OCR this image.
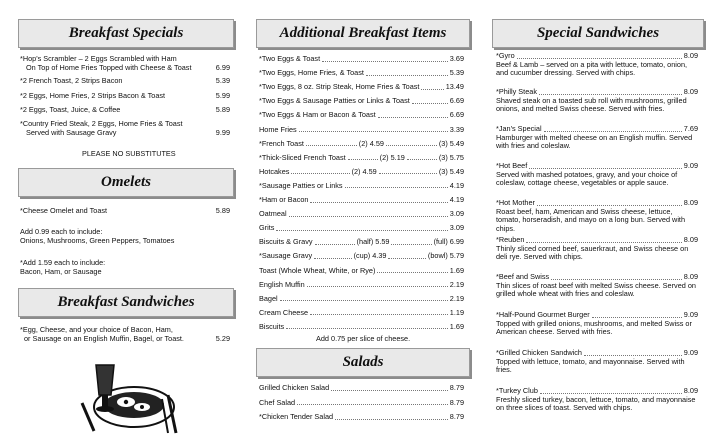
Breakfast Specials
*Hop's Scrambler – 2 Eggs Scrambled with Ham
On Top of Home Fries Topped with Cheese & Toast	6.99
*2 French Toast, 2 Strips Bacon	5.39
*2 Eggs, Home Fries, 2 Strips Bacon & Toast	5.99
*2 Eggs, Toast, Juice, & Coffee	5.89
*Country Fried Steak, 2 Eggs, Home Fries & Toast
Served with Sausage Gravy	9.99
PLEASE NO SUBSTITUTES
Omelets
*Cheese Omelet and Toast	5.89
Add 0.99 each to include:
Onions, Mushrooms, Green Peppers, Tomatoes
*Add 1.59 each to include:
Bacon, Ham, or Sausage
Breakfast Sandwiches
*Egg, Cheese, and your choice of Bacon, Ham,
or Sausage on an English Muffin, Bagel, or Toast.	5.29
Additional Breakfast Items
*Two Eggs & Toast	3.69
*Two Eggs, Home Fries, & Toast	5.39
*Two Eggs, 8 oz. Strip Steak, Home Fries & Toast	13.49
*Two Eggs & Sausage Patties or Links & Toast	6.69
*Two Eggs & Ham or Bacon & Toast	6.69
Home Fries	3.39
*French Toast	(2) 4.59	(3) 5.49
*Thick-Sliced French Toast	(2) 5.19	(3) 5.75
Hotcakes	(2) 4.59	(3) 5.49
*Sausage Patties or Links	4.19
*Ham or Bacon	4.19
Oatmeal	3.09
Grits	3.09
Biscuits & Gravy	(half) 5.59	(full) 6.99
*Sausage Gravy	(cup) 4.39	(bowl) 5.79
Toast (Whole Wheat, White, or Rye)	1.69
English Muffin	2.19
Bagel	2.19
Cream Cheese	1.19
Biscuits	1.69
Add 0.75 per slice of cheese.
Salads
Grilled Chicken Salad	8.79
Chef Salad	8.79
*Chicken Tender Salad	8.79
Special Sandwiches
*Gyro	8.09
Beef & Lamb – served on a pita with lettuce, tomato, onion, and cucumber dressing. Served with chips.
*Philly Steak	8.09
Shaved steak on a toasted sub roll with mushrooms, grilled onions, and melted Swiss cheese. Served with fries.
*Jan's Special	7.69
Hamburger with melted cheese on an English muffin. Served with fries and coleslaw.
*Hot Beef	9.09
Served with mashed potatoes, gravy, and your choice of coleslaw, cottage cheese, vegetables or apple sauce.
*Hot Mother	8.09
Roast beef, ham, American and Swiss cheese, lettuce, tomato, horseradish, and mayo on a long bun. Served with chips.
*Reuben	8.09
Thinly sliced corned beef, sauerkraut, and Swiss cheese on deli rye. Served with chips.
*Beef and Swiss	8.09
Thin slices of roast beef with melted Swiss cheese. Served on grilled whole wheat with fries and coleslaw.
*Half-Pound Gourmet Burger	9.09
Topped with grilled onions, mushrooms, and melted Swiss or American cheese. Served with fries.
*Grilled Chicken Sandwich	9.09
Topped with lettuce, tomato, and mayonnaise. Served with fries.
*Turkey Club	8.09
Freshly sliced turkey, bacon, lettuce, tomato, and mayonnaise on three slices of toast. Served with chips.
